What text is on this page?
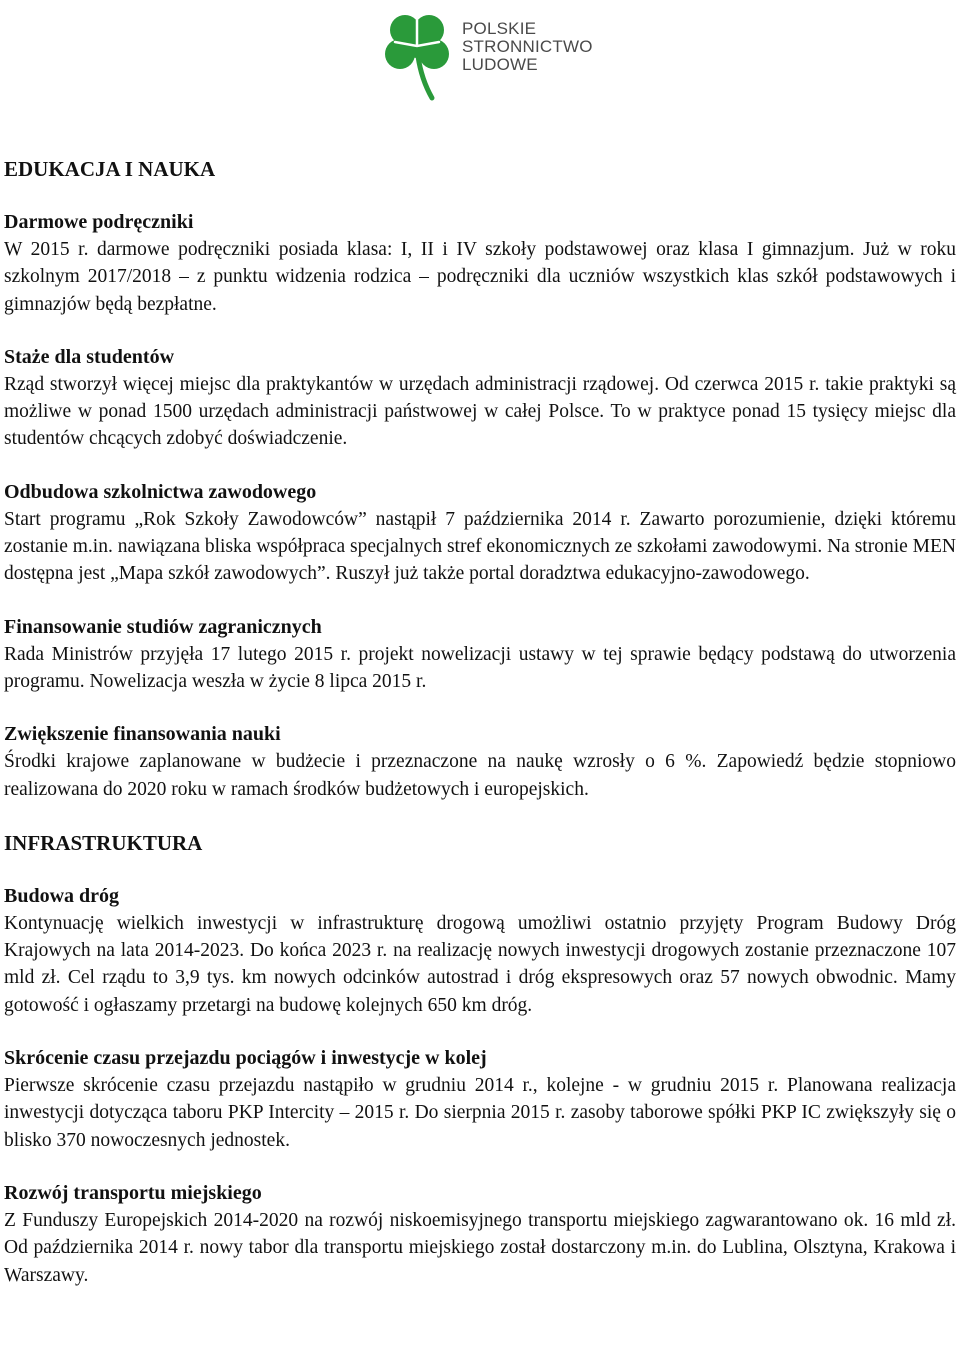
POLSKIE
STRONNICTWO
LUDOWE
EDUKACJA I NAUKA
Darmowe podręczniki
W 2015 r. darmowe podręczniki posiada klasa: I, II i IV szkoły podstawowej oraz klasa I gimnazjum. Już w roku szkolnym 2017/2018 – z punktu widzenia rodzica – podręczniki dla uczniów wszystkich klas szkół podstawowych i gimnazjów będą bezpłatne.
Staże dla studentów
Rząd stworzył więcej miejsc dla praktykantów w urzędach administracji rządowej. Od czerwca 2015 r. takie praktyki są możliwe w ponad 1500 urzędach administracji państwowej w całej Polsce. To w praktyce ponad 15 tysięcy miejsc dla studentów chcących zdobyć doświadczenie.
Odbudowa szkolnictwa zawodowego
Start programu „Rok Szkoły Zawodowców” nastąpił 7 października 2014 r. Zawarto porozumienie, dzięki któremu zostanie m.in. nawiązana bliska współpraca specjalnych stref ekonomicznych ze szkołami zawodowymi. Na stronie MEN dostępna jest „Mapa szkół zawodowych”. Ruszył już także portal doradztwa edukacyjno-zawodowego.
Finansowanie studiów zagranicznych
Rada Ministrów przyjęła 17 lutego 2015 r. projekt nowelizacji ustawy w tej sprawie będący podstawą do utworzenia programu. Nowelizacja weszła w życie 8 lipca 2015 r.
Zwiększenie finansowania nauki
Środki krajowe zaplanowane w budżecie i przeznaczone na naukę wzrosły o 6 %. Zapowiedź będzie stopniowo realizowana do 2020 roku w ramach środków budżetowych i europejskich.
INFRASTRUKTURA
Budowa dróg
Kontynuację wielkich inwestycji w infrastrukturę drogową umożliwi ostatnio przyjęty Program Budowy Dróg Krajowych na lata 2014-2023. Do końca 2023 r. na realizację nowych inwestycji drogowych zostanie przeznaczone 107 mld zł. Cel rządu to 3,9 tys. km nowych odcinków autostrad i dróg ekspresowych oraz 57 nowych obwodnic. Mamy gotowość i ogłaszamy przetargi na budowę kolejnych 650 km dróg.
Skrócenie czasu przejazdu pociągów i inwestycje w kolej
Pierwsze skrócenie czasu przejazdu nastąpiło w grudniu 2014 r., kolejne - w grudniu 2015 r. Planowana realizacja inwestycji dotycząca taboru PKP Intercity – 2015 r. Do sierpnia 2015 r. zasoby taborowe spółki PKP IC zwiększyły się o blisko 370 nowoczesnych jednostek.
Rozwój transportu miejskiego
Z Funduszy Europejskich 2014-2020 na rozwój niskoemisyjnego transportu miejskiego zagwarantowano ok. 16 mld zł. Od października 2014 r. nowy tabor dla transportu miejskiego został dostarczony m.in. do Lublina, Olsztyna, Krakowa i Warszawy.
